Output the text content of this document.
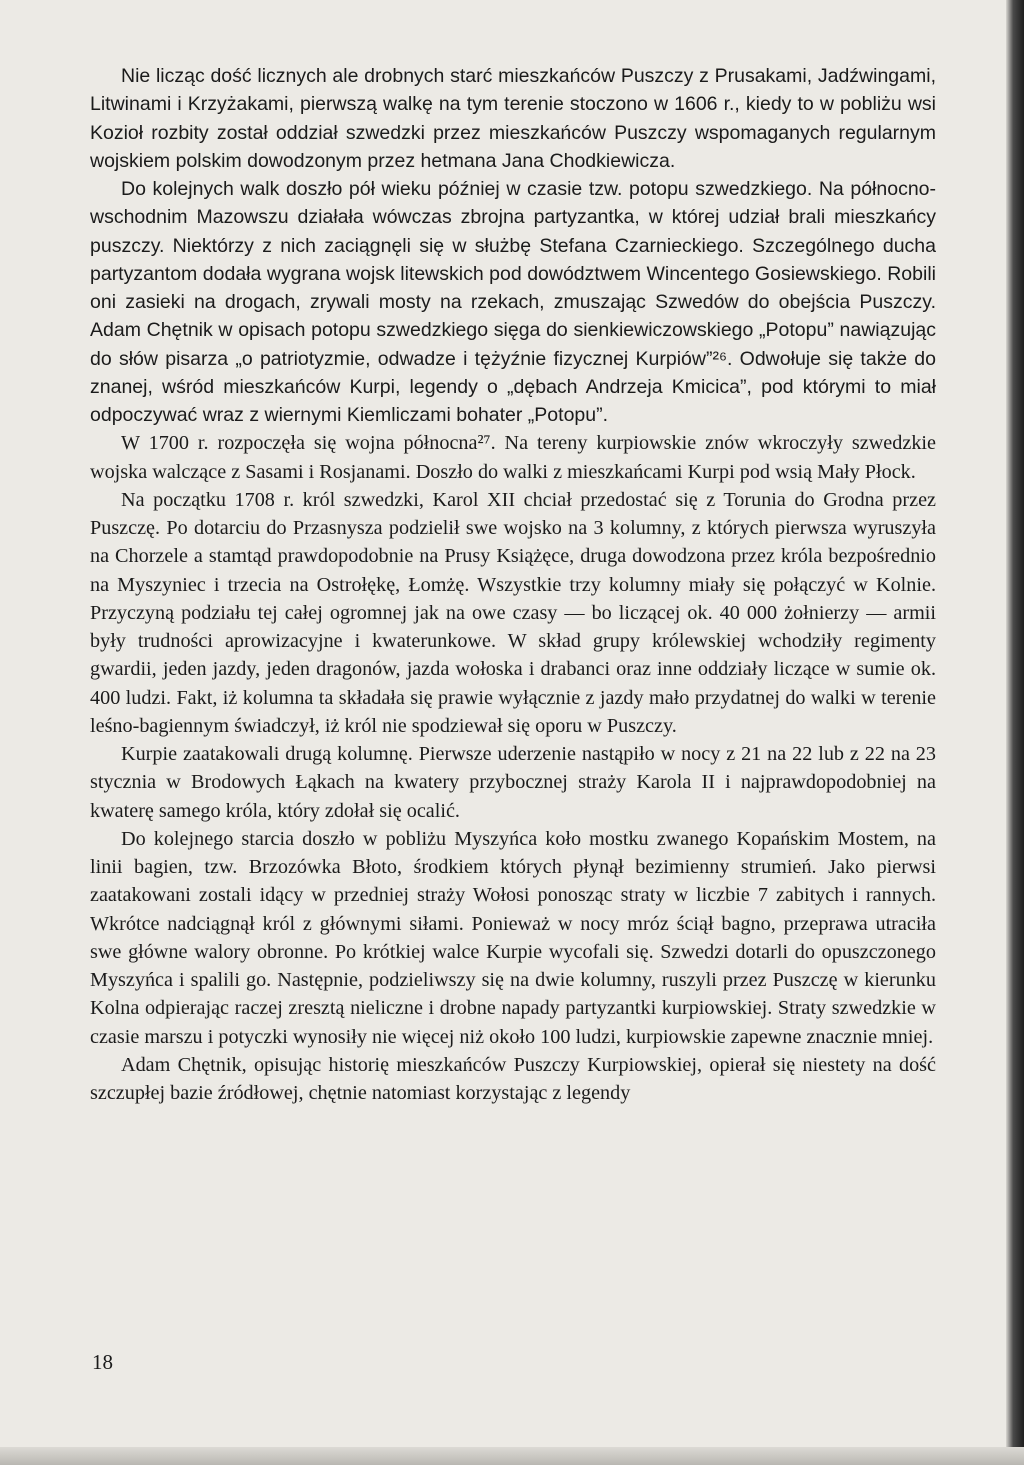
Nie licząc dość licznych ale drobnych starć mieszkańców Puszczy z Prusakami, Jadźwingami, Litwinami i Krzyżakami, pierwszą walkę na tym terenie stoczono w 1606 r., kiedy to w pobliżu wsi Kozioł rozbity został oddział szwedzki przez mieszkańców Puszczy wspomaganych regularnym wojskiem polskim dowodzonym przez hetmana Jana Chodkiewicza.

Do kolejnych walk doszło pół wieku później w czasie tzw. potopu szwedzkiego. Na północno-wschodnim Mazowszu działała wówczas zbrojna partyzantka, w której udział brali mieszkańcy puszczy. Niektórzy z nich zaciągnęli się w służbę Stefana Czarnieckiego. Szczególnego ducha partyzantom dodała wygrana wojsk litewskich pod dowództwem Wincentego Gosiewskiego. Robili oni zasieki na drogach, zrywali mosty na rzekach, zmuszając Szwedów do obejścia Puszczy. Adam Chętnik w opisach potopu szwedzkiego sięga do sienkiewiczowskiego „Potopu” nawiązując do słów pisarza „o patriotyzmie, odwadze i tężyźnie fizycznej Kurpiów”²⁶. Odwołuje się także do znanej, wśród mieszkańców Kurpi, legendy o „dębach Andrzeja Kmicica”, pod którymi to miał odpoczywać wraz z wiernymi Kiemliczami bohater „Potopu”.

W 1700 r. rozpoczęła się wojna północna²⁷. Na tereny kurpiowskie znów wkroczyły szwedzkie wojska walczące z Sasami i Rosjanami. Doszło do walki z mieszkańcami Kurpi pod wsią Mały Płock.

Na początku 1708 r. król szwedzki, Karol XII chciał przedostać się z Torunia do Grodna przez Puszczę. Po dotarciu do Przasnysza podzielił swe wojsko na 3 kolumny, z których pierwsza wyruszyła na Chorzele a stamtąd prawdopodobnie na Prusy Książęce, druga dowodzona przez króla bezpośrednio na Myszyniec i trzecia na Ostrołękę, Łomżę. Wszystkie trzy kolumny miały się połączyć w Kolnie. Przyczyną podziału tej całej ogromnej jak na owe czasy — bo liczącej ok. 40 000 żołnierzy — armii były trudności aprowizacyjne i kwaterunkowe. W skład grupy królewskiej wchodziły regimenty gwardii, jeden jazdy, jeden dragonów, jazda wołoska i drabanci oraz inne oddziały liczące w sumie ok. 400 ludzi. Fakt, iż kolumna ta składała się prawie wyłącznie z jazdy mało przydatnej do walki w terenie leśno-bagiennym świadczył, iż król nie spodziewał się oporu w Puszczy.

Kurpie zaatakowali drugą kolumnę. Pierwsze uderzenie nastąpiło w nocy z 21 na 22 lub z 22 na 23 stycznia w Brodowych Łąkach na kwatery przybocznej straży Karola II i najprawdopodobniej na kwaterę samego króla, który zdołał się ocalić.

Do kolejnego starcia doszło w pobliżu Myszyńca koło mostku zwanego Kopańskim Mostem, na linii bagien, tzw. Brzozówka Błoto, środkiem których płynął bezimienny strumień. Jako pierwsi zaatakowani zostali idący w przedniej straży Wołosi ponosząc straty w liczbie 7 zabitych i rannych. Wkrótce nadciągnął król z głównymi siłami. Ponieważ w nocy mróz ściął bagno, przeprawa utraciła swe główne walory obronne. Po krótkiej walce Kurpie wycofali się. Szwedzi dotarli do opuszczonego Myszyńca i spalili go. Następnie, podzieliwszy się na dwie kolumny, ruszyli przez Puszczę w kierunku Kolna odpierając raczej zresztą nieliczne i drobne napady partyzantki kurpiowskiej. Straty szwedzkie w czasie marszu i potyczki wynosiły nie więcej niż około 100 ludzi, kurpiowskie zapewne znacznie mniej.

Adam Chętnik, opisując historię mieszkańców Puszczy Kurpiowskiej, opierał się niestety na dość szczupłej bazie źródłowej, chętnie natomiast korzystając z legendy

18
